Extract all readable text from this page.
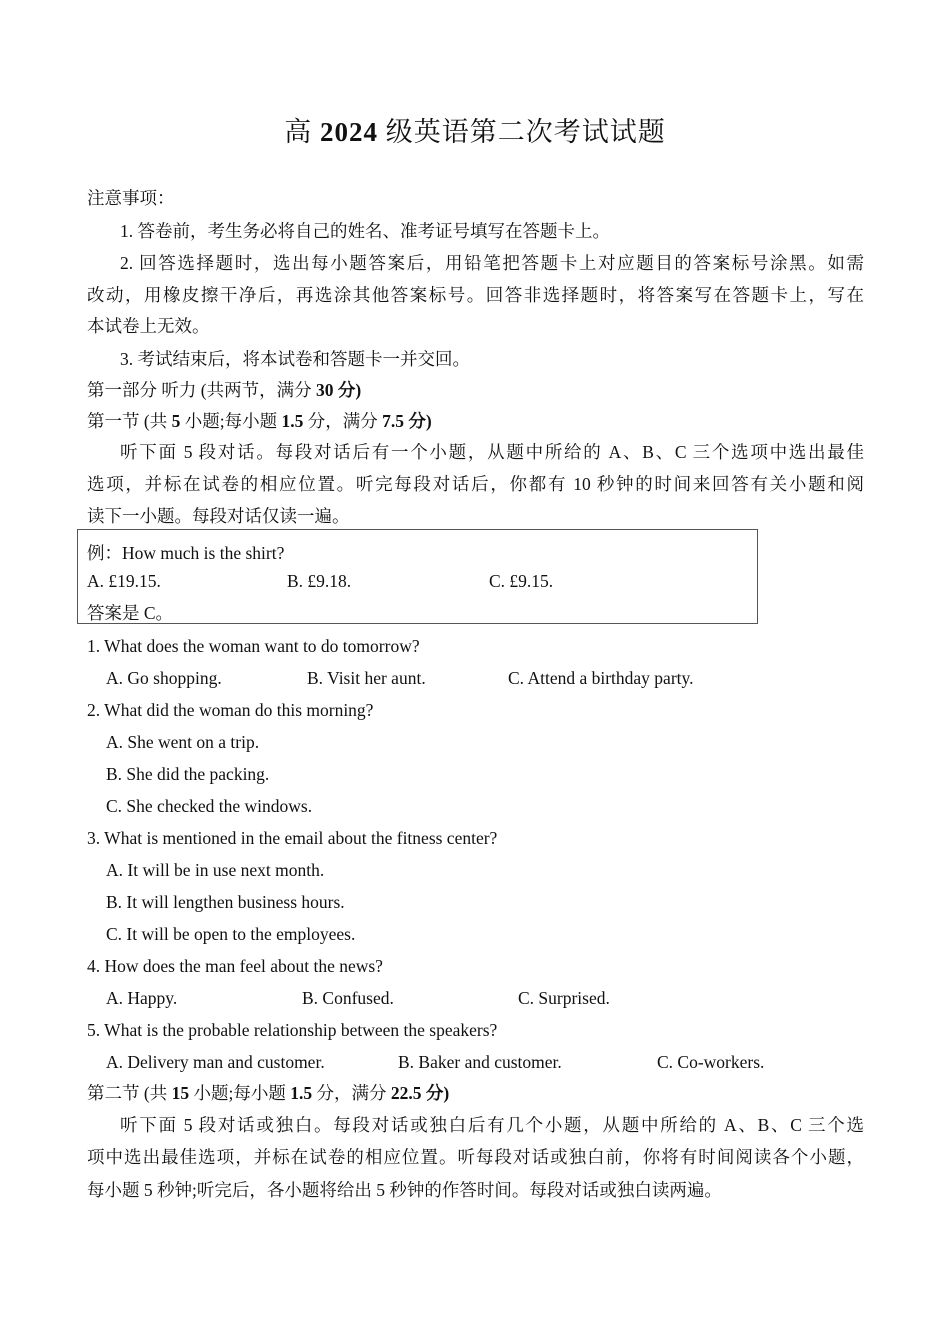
高 2024 级英语第二次考试试题
注意事项：
1. 答卷前，考生务必将自己的姓名、准考证号填写在答题卡上。
2. 回答选择题时，选出每小题答案后，用铅笔把答题卡上对应题目的答案标号涂黑。如需
改动，用橡皮擦干净后，再选涂其他答案标号。回答非选择题时，将答案写在答题卡上，写在
本试卷上无效。
3. 考试结束后，将本试卷和答题卡一并交回。
第一部分 听力 (共两节，满分 30 分)
第一节 (共 5 小题;每小题 1.5 分，满分 7.5 分)
听下面 5 段对话。每段对话后有一个小题，从题中所给的 A、B、C 三个选项中选出最佳
选项，并标在试卷的相应位置。听完每段对话后，你都有 10 秒钟的时间来回答有关小题和阅
读下一小题。每段对话仅读一遍。
例：How much is the shirt?
A. £19.15.	B. £9.18.	C. £9.15.
答案是 C。
1. What does the woman want to do tomorrow?
A. Go shopping.	B. Visit her aunt.	C. Attend a birthday party.
2. What did the woman do this morning?
A. She went on a trip.
B. She did the packing.
C. She checked the windows.
3. What is mentioned in the email about the fitness center?
A. It will be in use next month.
B. It will lengthen business hours.
C. It will be open to the employees.
4. How does the man feel about the news?
A. Happy.	B. Confused.	C. Surprised.
5. What is the probable relationship between the speakers?
A. Delivery man and customer.	B. Baker and customer.	C. Co-workers.
第二节 (共 15 小题;每小题 1.5 分，满分 22.5 分)
听下面 5 段对话或独白。每段对话或独白后有几个小题，从题中所给的 A、B、C 三个选
项中选出最佳选项，并标在试卷的相应位置。听每段对话或独白前，你将有时间阅读各个小题，
每小题 5 秒钟;听完后，各小题将给出 5 秒钟的作答时间。每段对话或独白读两遍。
